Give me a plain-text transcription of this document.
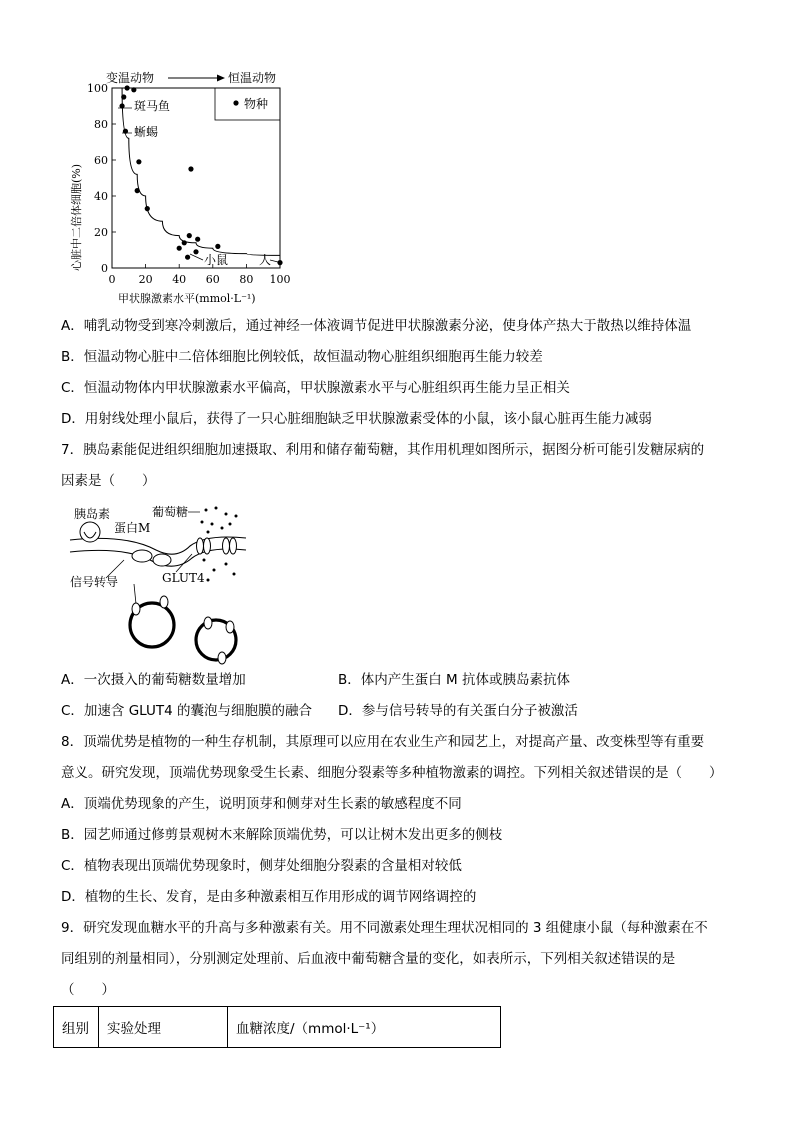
变温动物	恒温动物
心脏中二倍体细胞(%) 0
20
40
60
80
100
0 20 40 60 80 100
物种
斑马鱼
蜥蜴
小鼠	人
甲状腺激素水平(mmol·L⁻¹)
A．哺乳动物受到寒冷刺激后，通过神经一体液调节促进甲状腺激素分泌，使身体产热大于散热以维持体温
B．恒温动物心脏中二倍体细胞比例较低，故恒温动物心脏组织细胞再生能力较差
C．恒温动物体内甲状腺激素水平偏高，甲状腺激素水平与心脏组织再生能力呈正相关
D．用射线处理小鼠后，获得了一只心脏细胞缺乏甲状腺激素受体的小鼠，该小鼠心脏再生能力减弱
7．胰岛素能促进组织细胞加速摄取、利用和储存葡萄糖，其作用机理如图所示，据图分析可能引发糖尿病的
因素是（　　）
胰岛素	葡萄糖
蛋白M
信号转导	GLUT4
A．一次摄入的葡萄糖数量增加	B．体内产生蛋白 M 抗体或胰岛素抗体
C．加速含 GLUT4 的囊泡与细胞膜的融合 D．参与信号转导的有关蛋白分子被激活
8．顶端优势是植物的一种生存机制，其原理可以应用在农业生产和园艺上，对提高产量、改变株型等有重要
意义。研究发现，顶端优势现象受生长素、细胞分裂素等多种植物激素的调控。下列相关叙述错误的是（　　）
A．顶端优势现象的产生，说明顶芽和侧芽对生长素的敏感程度不同
B．园艺师通过修剪景观树木来解除顶端优势，可以让树木发出更多的侧枝
C．植物表现出顶端优势现象时，侧芽处细胞分裂素的含量相对较低
D．植物的生长、发育，是由多种激素相互作用形成的调节网络调控的
9．研究发现血糖水平的升高与多种激素有关。用不同激素处理生理状况相同的 3 组健康小鼠（每种激素在不
同组别的剂量相同），分别测定处理前、后血液中葡萄糖含量的变化，如表所示，下列相关叙述错误的是
（　　）
组别	实验处理	血糖浓度/（mmol·L⁻¹）
